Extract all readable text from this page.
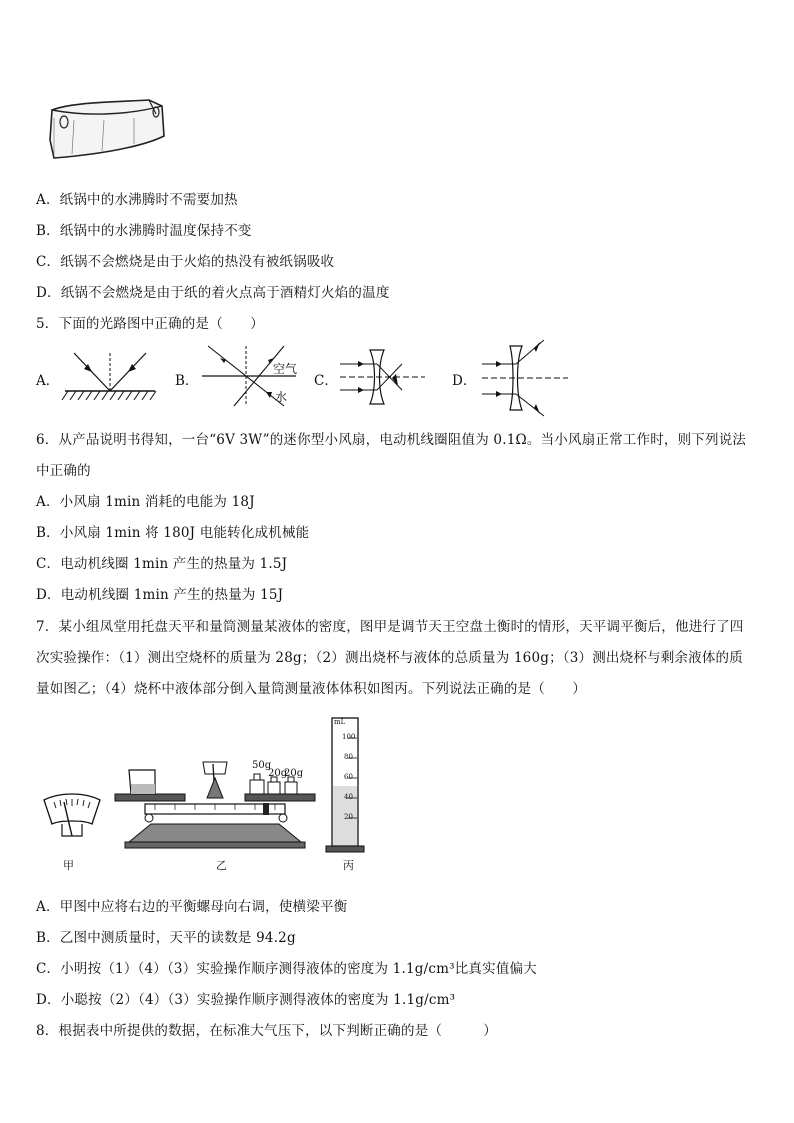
A．纸锅中的水沸腾时不需要加热
B．纸锅中的水沸腾时温度保持不变
C．纸锅不会燃烧是由于火焰的热没有被纸锅吸收
D．纸锅不会燃烧是由于纸的着火点高于酒精灯火焰的温度
5．下面的光路图中正确的是（　　）
A．	B．
空气
水
C．	D．
6．从产品说明书得知，一台“6V 3W”的迷你型小风扇，电动机线圈阻值为 0.1Ω。当小风扇正常工作时，则下列说法
中正确的
A．小风扇 1min 消耗的电能为 18J
B．小风扇 1min 将 180J 电能转化成机械能
C．电动机线圈 1min 产生的热量为 1.5J
D．电动机线圈 1min 产生的热量为 15J
7．某小组凤堂用托盘天平和量筒测量某液体的密度，图甲是调节天王空盘土衡时的情形，天平调平衡后，他进行了四
次实验操作：（1）测出空烧杯的质量为 28g；（2）测出烧杯与液体的总质量为 160g；（3）测出烧杯与剩余液体的质
量如图乙；（4）烧杯中液体部分倒入量筒测量液体体积如图丙。下列说法正确的是（　　）
甲
50g
20g
20g
乙
mL
100
80
60
40
20
丙
A．甲图中应将右边的平衡螺母向右调，使横梁平衡
B．乙图中测质量时，天平的读数是 94.2g
C．小明按（1）（4）（3）实验操作顺序测得液体的密度为 1.1g/cm³比真实值偏大
D．小聪按（2）（4）（3）实验操作顺序测得液体的密度为 1.1g/cm³
8．根据表中所提供的数据，在标准大气压下，以下判断正确的是（　　　）
